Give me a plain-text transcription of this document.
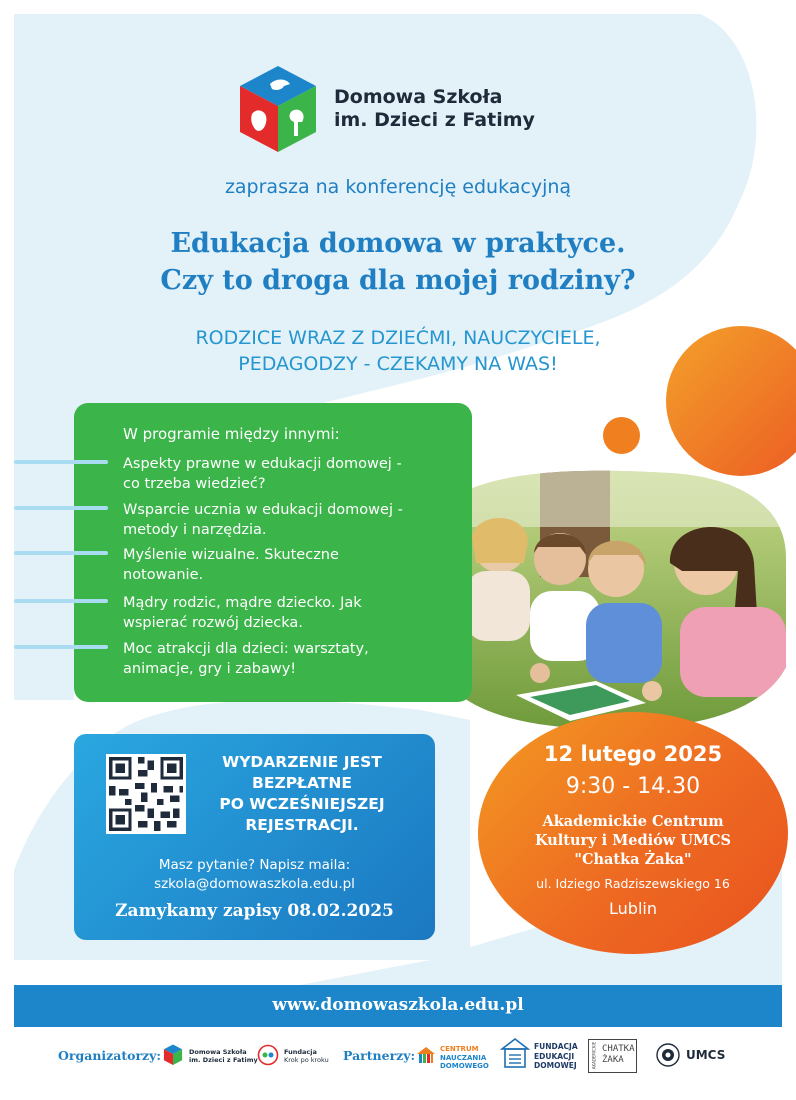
Domowa Szkoła
im. Dzieci z Fatimy
zaprasza na konferencję edukacyjną
Edukacja domowa w praktyce.
Czy to droga dla mojej rodziny?
RODZICE WRAZ Z DZIEĆMI, NAUCZYCIELE,
PEDAGODZY - CZEKAMY NA WAS!
W programie między innymi:
Aspekty prawne w edukacji domowej -
co trzeba wiedzieć?
Wsparcie ucznia w edukacji domowej -
metody i narzędzia.
Myślenie wizualne. Skuteczne
notowanie.
Mądry rodzic, mądre dziecko. Jak
wspierać rozwój dziecka.
Moc atrakcji dla dzieci: warsztaty,
animacje, gry i zabawy!
WYDARZENIE JEST
BEZPŁATNE
PO WCZEŚNIEJSZEJ
REJESTRACJI.
Masz pytanie? Napisz maila:
szkola@domowaszkola.edu.pl
Zamykamy zapisy 08.02.2025
12 lutego 2025
9:30 - 14.30
Akademickie Centrum
Kultury i Mediów UMCS
"Chatka Żaka"
ul. Idziego Radziszewskiego 16
Lublin
www.domowaszkola.edu.pl
Organizatorzy:	Domowa Szkoła
im. Dzieci z Fatimy
Fundacja
Krok po kroku Partnerzy:	CENTRUM
NAUCZANIA
DOMOWEGO
FUNDACJA
EDUKACJI
DOMOWEJ	AKADEMICKIE CHATKA
ŻAKA	UMCS
